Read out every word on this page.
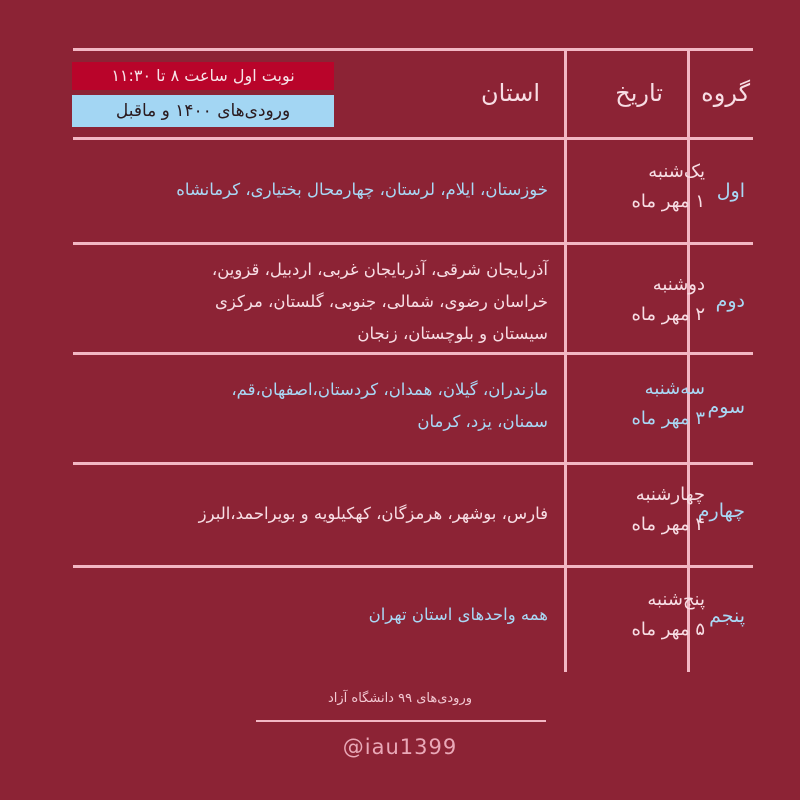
گروه
تاریخ
استان
نوبت اول ساعت ۸ تا ۱۱:۳۰
ورودی‌های ۱۴۰۰ و ماقبل
اول
یک‌شنبه
۱ مهر ماه
خوزستان، ایلام، لرستان، چهارمحال بختیاری، کرمانشاه
دوم
دوشنبه
۲ مهر ماه
آذربایجان شرقی، آذربایجان غربی، اردبیل، قزوین،
خراسان رضوی، شمالی، جنوبی، گلستان، مرکزی
سیستان و بلوچستان، زنجان
سوم
سه‌شنبه
۳ مهر ماه
مازندران، گیلان، همدان، کردستان،اصفهان،قم،
سمنان، یزد، کرمان
چهارم
چهارشنبه
۴ مهر ماه
فارس، بوشهر، هرمزگان، کهکیلویه و بویراحمد،البرز
پنجم
پنج‌شنبه
۵ مهر ماه
همه واحدهای استان تهران
ورودی‌های ۹۹ دانشگاه آزاد
@iau1399
